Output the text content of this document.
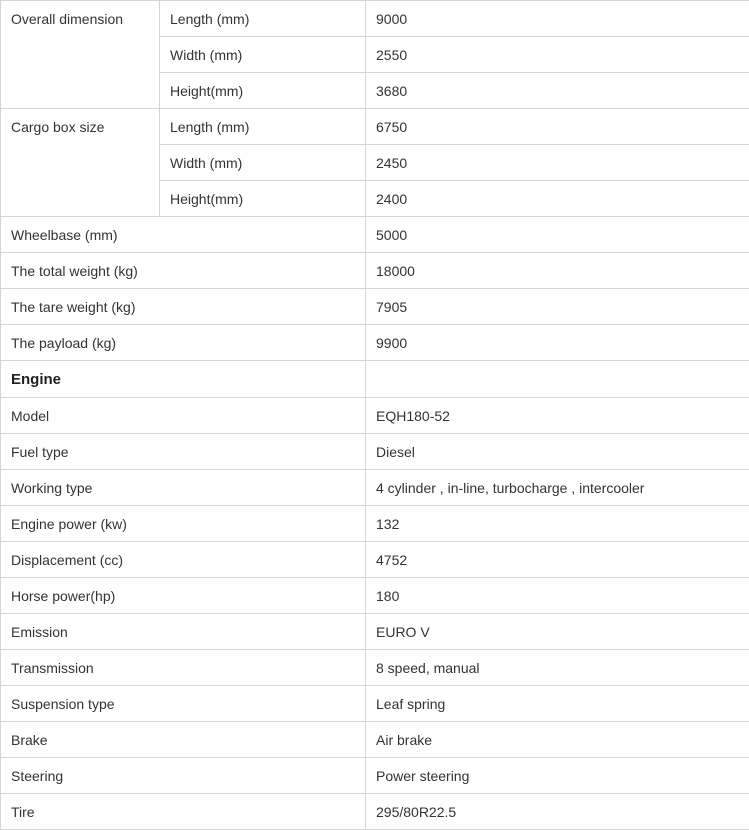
Overall dimension	Length (mm)	9000
	Width (mm)	2550
	Height(mm)	3680
Cargo box size	Length (mm)	6750
	Width (mm)	2450
	Height(mm)	2400
Wheelbase (mm)		5000
The total weight (kg)		18000
The tare weight (kg)		7905
The payload (kg)		9900
Engine		
Model		EQH180-52
Fuel type		Diesel
Working type		4 cylinder , in-line, turbocharge , intercooler
Engine power (kw)		132
Displacement (cc)		4752
Horse power(hp)		180
Emission		EURO V
Transmission		8 speed, manual
Suspension type		Leaf spring
Brake		Air brake
Steering		Power steering
Tire		295/80R22.5
